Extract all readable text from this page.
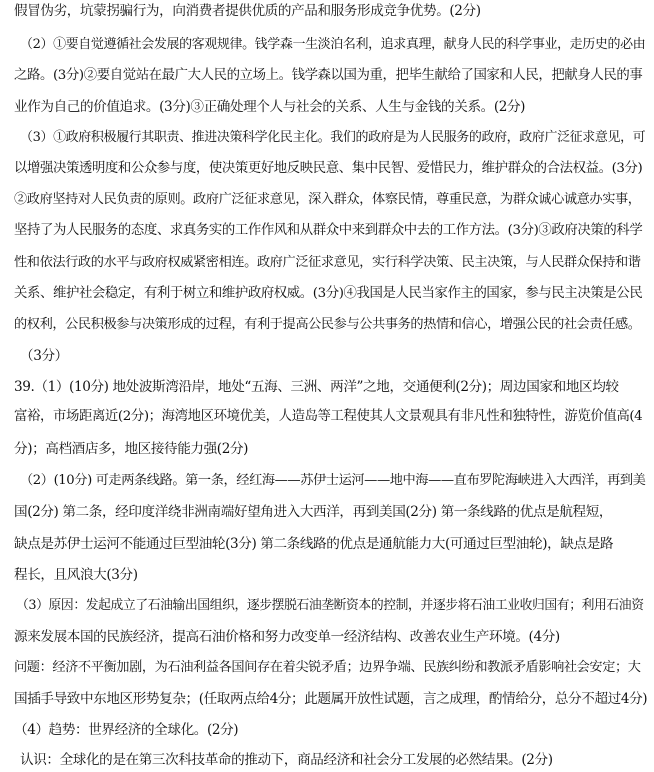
假冒伪劣，坑蒙拐骗行为，向消费者提供优质的产品和服务形成竞争优势。(2分)
（2）①要自觉遵循社会发展的客观规律。钱学森一生淡泊名利，追求真理，献身人民的科学事业，走历史的必由
之路。(3分)②要自觉站在最广大人民的立场上。钱学森以国为重，把毕生献给了国家和人民，把献身人民的事
业作为自己的价值追求。(3分)③正确处理个人与社会的关系、人生与金钱的关系。(2分)
（3）①政府积极履行其职责、推进决策科学化民主化。我们的政府是为人民服务的政府，政府广泛征求意见，可
以增强决策透明度和公众参与度，使决策更好地反映民意、集中民智、爱惜民力，维护群众的合法权益。(3分)
②政府坚持对人民负责的原则。政府广泛征求意见，深入群众，体察民情，尊重民意，为群众诚心诚意办实事，
坚持了为人民服务的态度、求真务实的工作作风和从群众中来到群众中去的工作方法。(3分)③政府决策的科学
性和依法行政的水平与政府权威紧密相连。政府广泛征求意见，实行科学决策、民主决策，与人民群众保持和谐
关系、维护社会稳定，有利于树立和维护政府权威。(3分)④我国是人民当家作主的国家，参与民主决策是公民
的权利，公民积极参与决策形成的过程，有利于提高公民参与公共事务的热情和信心，增强公民的社会责任感。
（3分）
39.（1）(10分) 地处波斯湾沿岸，地处“五海、三洲、两洋”之地，交通便利(2分)；周边国家和地区均较
富裕，市场距离近(2分)；海湾地区环境优美，人造岛等工程使其人文景观具有非凡性和独特性，游览价值高(4
分)；高档酒店多，地区接待能力强(2分)
（2）(10分) 可走两条线路。第一条，经红海——苏伊士运河——地中海——直布罗陀海峡进入大西洋，再到美
国(2分) 第二条，经印度洋绕非洲南端好望角进入大西洋，再到美国(2分) 第一条线路的优点是航程短，
缺点是苏伊士运河不能通过巨型油轮(3分) 第二条线路的优点是通航能力大(可通过巨型油轮)，缺点是路
程长，且风浪大(3分)
（3）原因：发起成立了石油输出国组织，逐步摆脱石油垄断资本的控制，并逐步将石油工业收归国有；利用石油资
源来发展本国的民族经济，提高石油价格和努力改变单一经济结构、改善农业生产环境。(4分)
问题：经济不平衡加剧，为石油利益各国间存在着尖锐矛盾；边界争端、民族纠纷和教派矛盾影响社会安定；大
国插手导致中东地区形势复杂；(任取两点给4分；此题属开放性试题，言之成理，酌情给分，总分不超过4分)
（4）趋势：世界经济的全球化。(2分)
认识：全球化的是在第三次科技革命的推动下，商品经济和社会分工发展的必然结果。(2分)
